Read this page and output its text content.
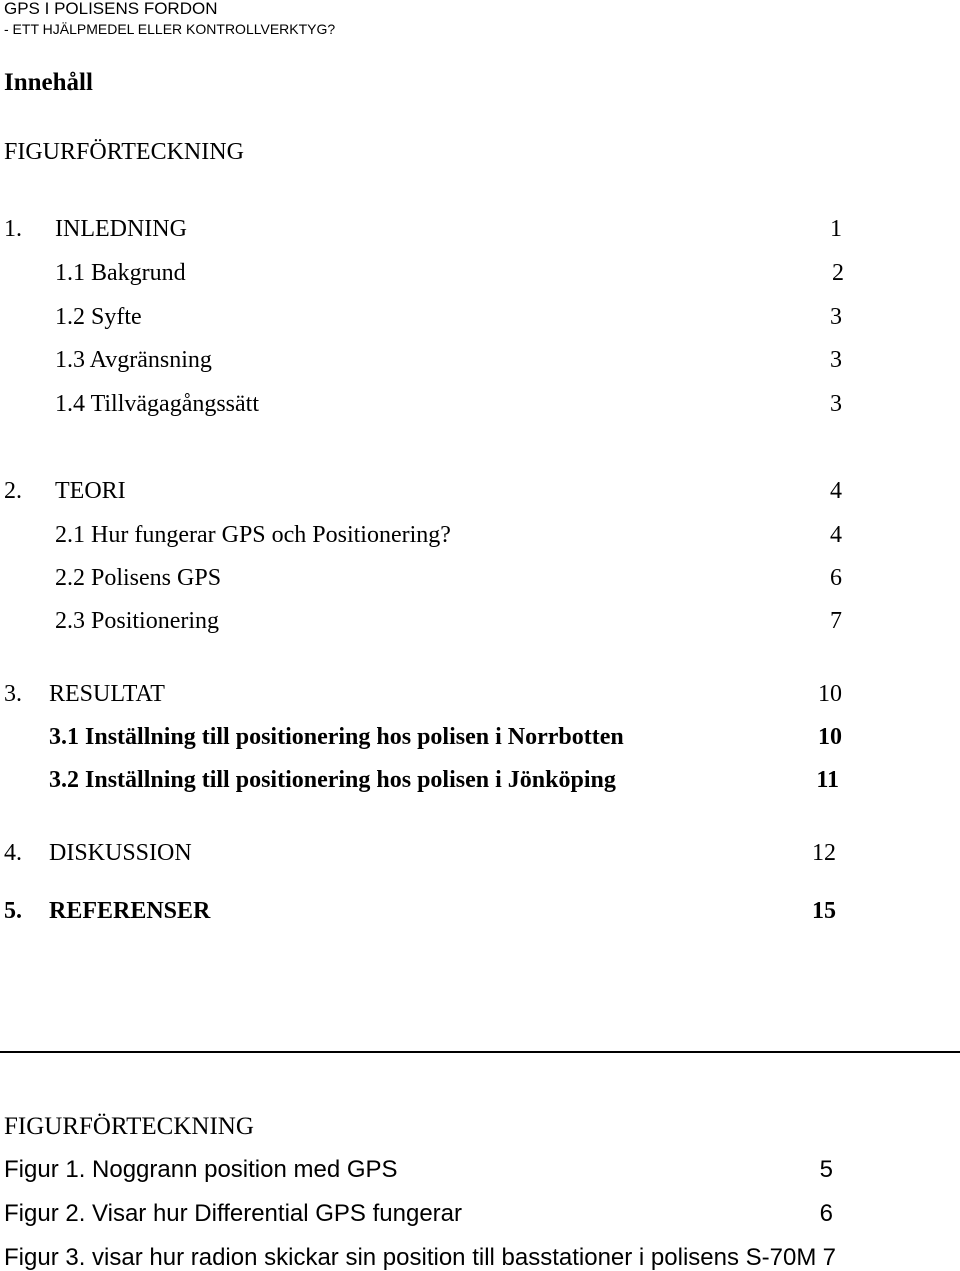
GPS I POLISENS FORDON
- ETT HJÄLPMEDEL ELLER KONTROLLVERKTYG?
Innehåll
FIGURFÖRTECKNING
1. INLEDNING	1
1.1 Bakgrund	2
1.2 Syfte	3
1.3 Avgränsning	3
1.4 Tillvägagångssätt	3
2. TEORI	4
2.1 Hur fungerar GPS och Positionering?	4
2.2 Polisens GPS	6
2.3 Positionering	7
3. RESULTAT	10
3.1 Inställning till positionering hos polisen i Norrbotten	10
3.2 Inställning till positionering hos polisen i Jönköping	11
4. DISKUSSION	12
5. REFERENSER	15
FIGURFÖRTECKNING
Figur 1. Noggrann position med GPS	5
Figur 2. Visar hur Differential GPS fungerar	6
Figur 3. visar hur radion skickar sin position till basstationer i polisens S-70M 7
